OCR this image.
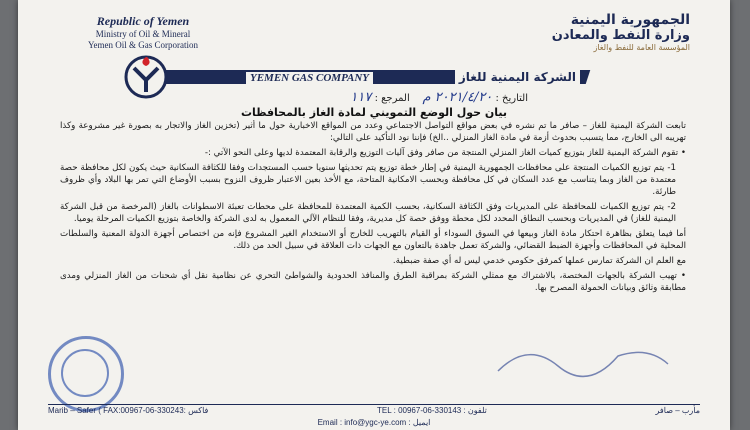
Republic of Yemen
Ministry of Oil & Mineral
Yemen Oil & Gas Corporation
الجمهورية اليمنية
وزارة النفط والمعادن
المؤسسة العامة للنفط والغاز
YEMEN GAS COMPANY	الشركة اليمنية للغاز
التاريخ : ٢٠٢١/٤/٢٠ م    المرجع : ١١٧
بيان حول الوضع التمويني لمادة الغاز بالمحافظات

تابعت الشركة اليمنية للغاز – صافر ما تم نشره في بعض مواقع التواصل الاجتماعي وعدد من المواقع الاخبارية حول ما أثير (تخزين الغاز والاتجار به بصورة غير مشروعة وكذا تهريبه الى الخارج، مما يتسبب بحدوث أزمة في مادة الغاز المنزلي ..الخ) فإننا نود التأكيد على التالي:

• تقوم الشركة اليمنية للغاز بتوزيع كميات الغاز المنزلي المنتجة من صافر وفق آليات التوزيع والرقابة المعتمدة لديها وعلى النحو الآتي :-

1- يتم توزيع الكميات المنتجة على محافظات الجمهورية اليمنية في إطار خطة توزيع يتم تحديثها سنويا حسب المستجدات وفقا للكثافة السكانية حيث يكون لكل محافظة حصة معتمدة من الغاز وبما يتناسب مع عدد السكان في كل محافظة وبحسب الامكانية المتاحة، مع الأخذ بعين الاعتبار ظروف النزوح بسبب الأوضاع التي تمر بها البلاد وأي ظروف طارئة.

2- يتم توزيع الكميات للمحافظة على المديريات وفق الكثافة السكانية، بحسب الكمية المعتمدة للمحافظة على محطات تعبئة الاسطوانات بالغاز (المرخصة من قبل الشركة اليمنية للغاز) في المديريات وبحسب النطاق المحدد لكل محطة ووفق حصة كل مديرية، وفقا للنظام الآلي المعمول به لدى الشركة والخاصة بتوزيع الكميات المرحلة يوميا.

أما فيما يتعلق بظاهرة احتكار مادة الغاز وبيعها في السوق السوداء أو القيام بالتهريب للخارج أو الاستخدام الغير المشروع فإنه من اختصاص أجهزة الدولة المعنية والسلطات المحلية في المحافظات وأجهزة الضبط القضائي، والشركة تعمل جاهدة بالتعاون مع الجهات ذات العلاقة في سبيل الحد من ذلك.

مع العلم ان الشركة تمارس عملها كمرفق حكومي خدمي ليس له أي صفة ضبطية.

• تهيب الشركة بالجهات المختصة، بالاشتراك مع ممثلي الشركة بمراقبة الطرق والمنافذ الحدودية والشواطئ التحري عن نظامية نقل أي شحنات من الغاز المنزلي ومدى مطابقة وثائق وبيانات الحمولة المصرح بها.

Marib – Safer ( FAX:00967-06-330243: فاكس	TEL : 00967-06-330143 : تلفون	مأرب – صافر
Email : info@ygc-ye.com : ايميل
